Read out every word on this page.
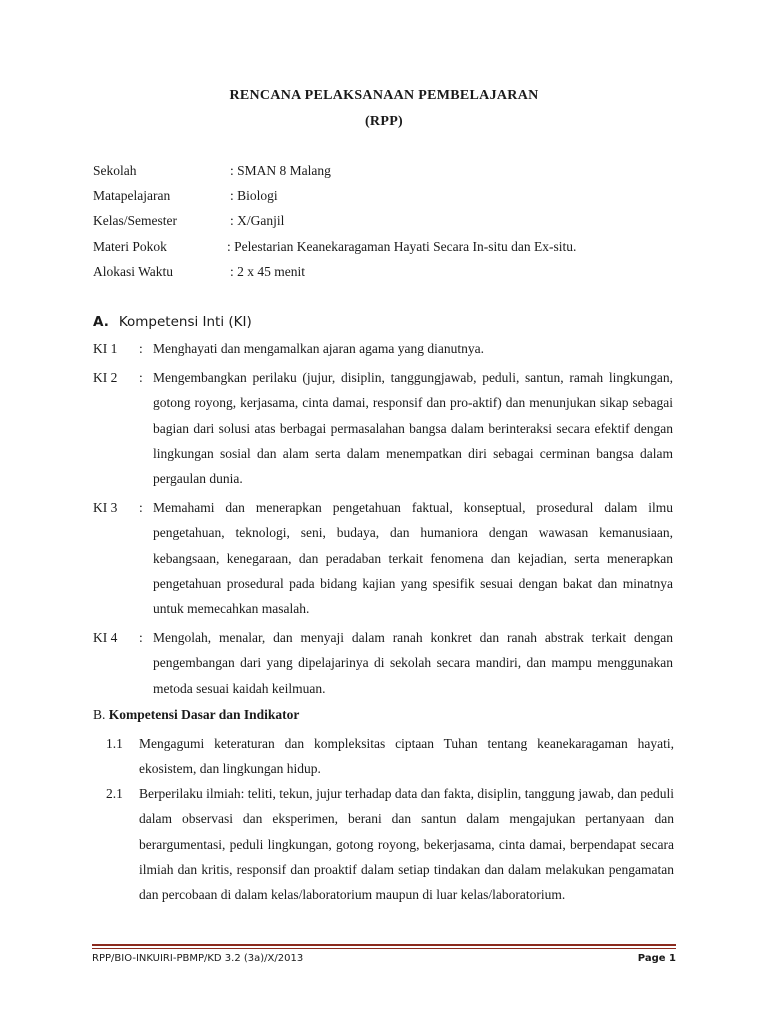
RENCANA PELAKSANAAN PEMBELAJARAN
(RPP)
Sekolah	: SMAN 8 Malang
Matapelajaran	: Biologi
Kelas/Semester	: X/Ganjil
Materi Pokok	: Pelestarian Keanekaragaman Hayati Secara In-situ dan Ex-situ.
Alokasi Waktu	: 2 x 45 menit
A. Kompetensi Inti (KI)
KI 1	: Menghayati dan mengamalkan ajaran agama yang dianutnya.
KI 2	: Mengembangkan perilaku (jujur, disiplin, tanggungjawab, peduli, santun, ramah lingkungan, gotong royong, kerjasama, cinta damai, responsif dan pro-aktif) dan menunjukan sikap sebagai bagian dari solusi atas berbagai permasalahan bangsa dalam berinteraksi secara efektif dengan lingkungan sosial dan alam serta dalam menempatkan diri sebagai cerminan bangsa dalam pergaulan dunia.
KI 3	: Memahami dan menerapkan pengetahuan faktual, konseptual, prosedural dalam ilmu pengetahuan, teknologi, seni, budaya, dan humaniora dengan wawasan kemanusiaan, kebangsaan, kenegaraan, dan peradaban terkait fenomena dan kejadian, serta menerapkan pengetahuan prosedural pada bidang kajian yang spesifik sesuai dengan bakat dan minatnya untuk memecahkan masalah.
KI 4	: Mengolah, menalar, dan menyaji dalam ranah konkret dan ranah abstrak terkait dengan pengembangan dari yang dipelajarinya di sekolah secara mandiri, dan mampu menggunakan metoda sesuai kaidah keilmuan.
B. Kompetensi Dasar dan Indikator
1.1 Mengagumi keteraturan dan kompleksitas ciptaan Tuhan tentang keanekaragaman hayati, ekosistem, dan lingkungan hidup.
2.1 Berperilaku ilmiah: teliti, tekun, jujur terhadap data dan fakta, disiplin, tanggung jawab, dan peduli dalam observasi dan eksperimen, berani dan santun dalam mengajukan pertanyaan dan berargumentasi, peduli lingkungan, gotong royong, bekerjasama, cinta damai, berpendapat secara ilmiah dan kritis, responsif dan proaktif dalam setiap tindakan dan dalam melakukan pengamatan dan percobaan di dalam kelas/laboratorium maupun di luar kelas/laboratorium.
RPP/BIO-INKUIRI-PBMP/KD 3.2 (3a)/X/2013	Page 1
